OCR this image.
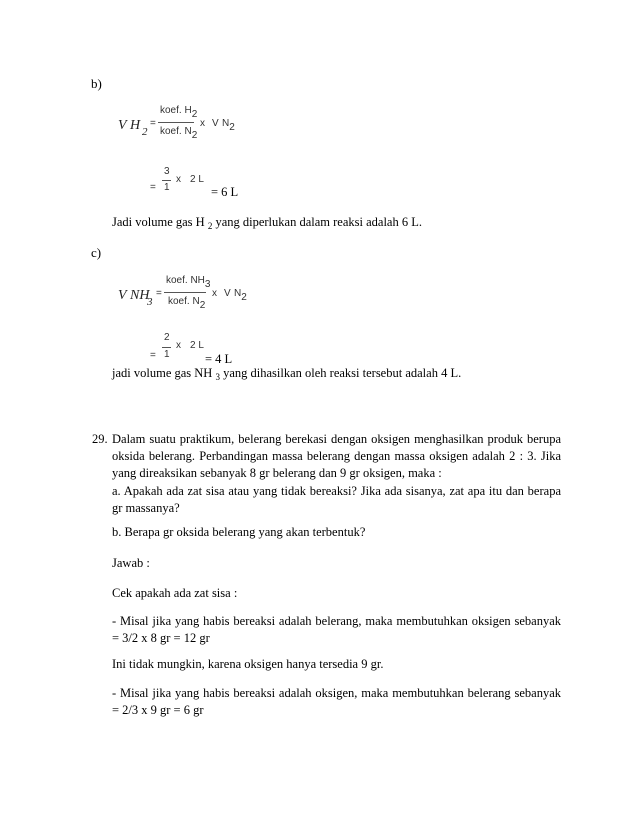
b)
V H 2
=
koef. H2
koef. N2
x V N2
=
3
1
x 2 L
= 6 L
Jadi volume gas H $_2$ yang diperlukan dalam reaksi adalah 6 L.
c)
V NH
3
=
koef. NH3
koef. N2
x V N2
=
2
1
x 2 L
= 4 L
jadi volume gas NH $_3$ yang dihasilkan oleh reaksi tersebut adalah 4 L.
29. Dalam suatu praktikum, belerang berekasi dengan oksigen menghasilkan produk berupa
oksida belerang. Perbandingan massa belerang dengan massa oksigen adalah 2 : 3. Jika
yang direaksikan sebanyak 8 gr belerang dan 9 gr oksigen, maka :
a. Apakah ada zat sisa atau yang tidak bereaksi? Jika ada sisanya, zat apa itu dan berapa
gr massanya?
b. Berapa gr oksida belerang yang akan terbentuk?
Jawab :
Cek apakah ada zat sisa :
- Misal jika yang habis bereaksi adalah belerang, maka membutuhkan oksigen sebanyak
= 3/2 x 8 gr = 12 gr
Ini tidak mungkin, karena oksigen hanya tersedia 9 gr.
- Misal jika yang habis bereaksi adalah oksigen, maka membutuhkan belerang sebanyak
= 2/3 x 9 gr = 6 gr
